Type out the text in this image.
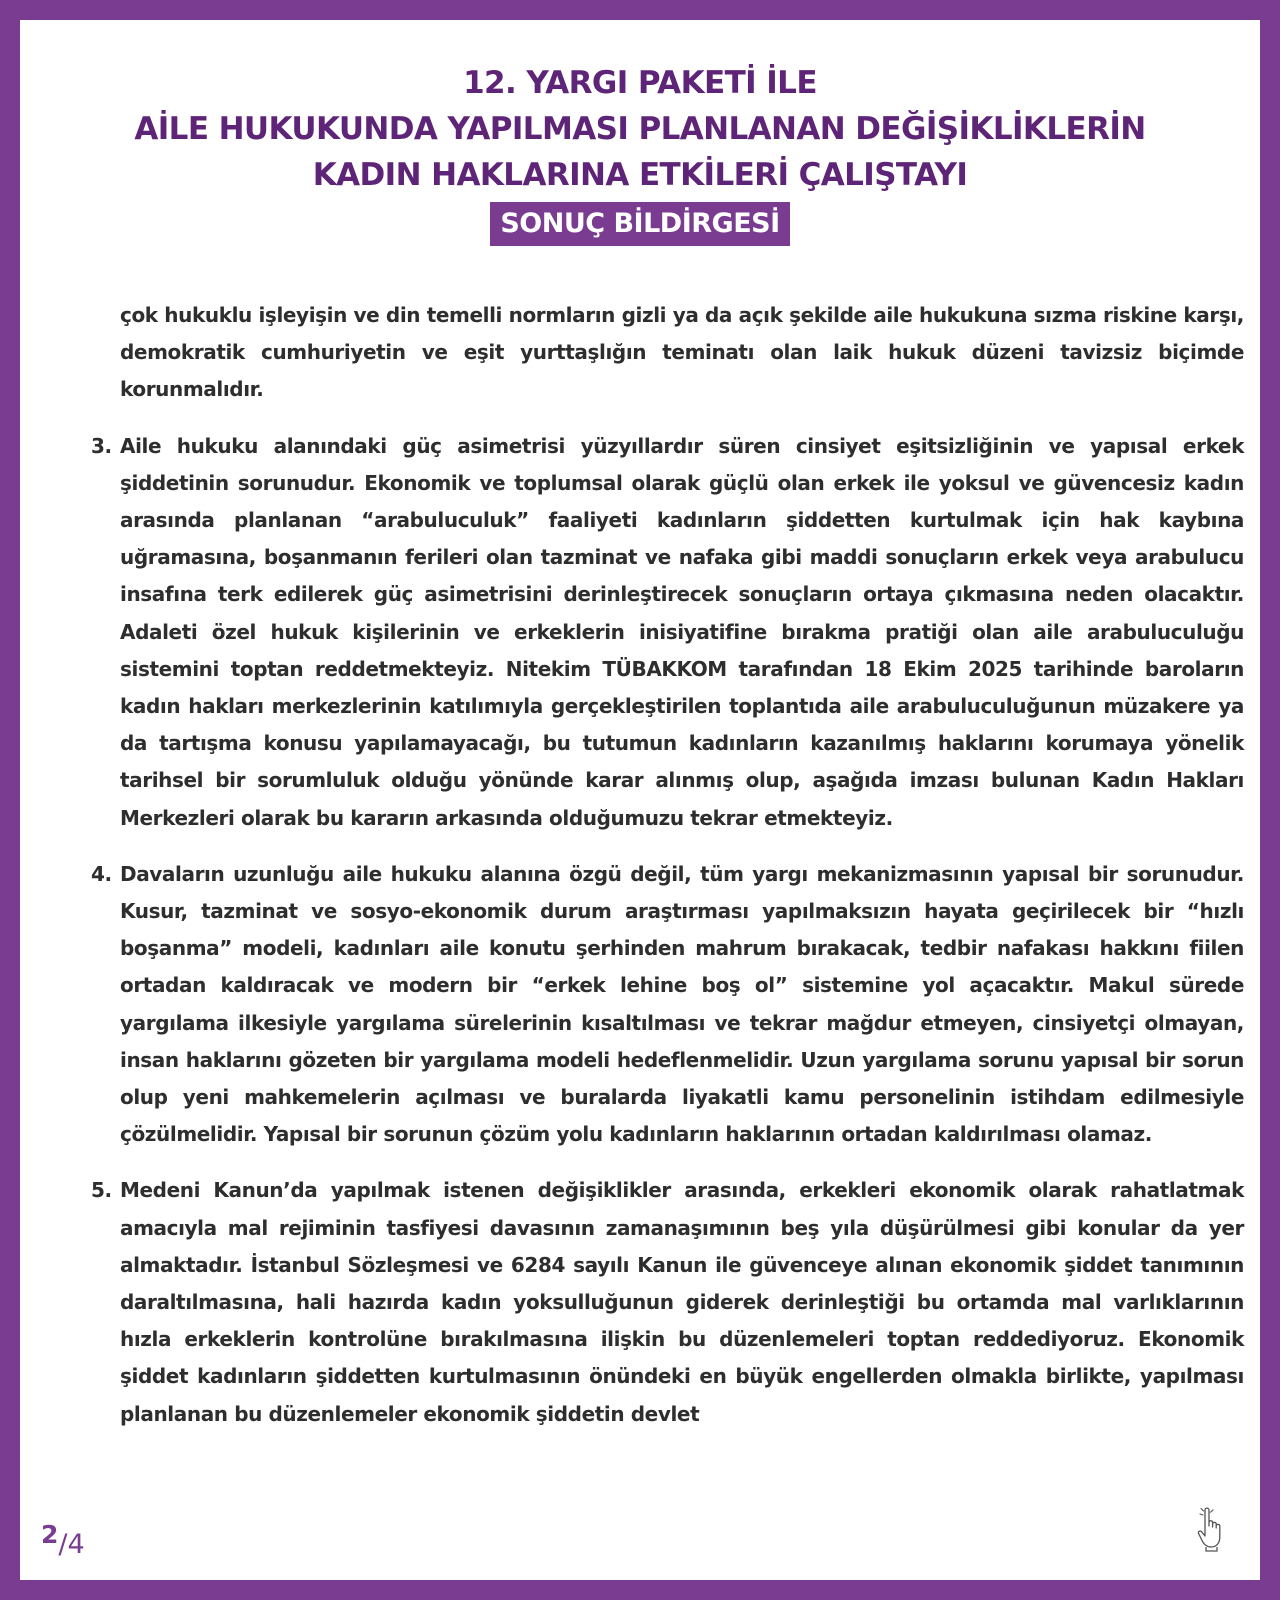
12. YARGI PAKETİ İLE
AİLE HUKUKUNDA YAPILMASI PLANLANAN DEĞİŞİKLİKLERİN
KADIN HAKLARINA ETKİLERİ ÇALIŞTAYI
SONUÇ BİLDİRGESİ

çok hukuklu işleyişin ve din temelli normların gizli ya da açık şekilde aile hukukuna sızma riskine karşı, demokratik cumhuriyetin ve eşit yurttaşlığın teminatı olan laik hukuk düzeni tavizsiz biçimde korunmalıdır.

3. Aile hukuku alanındaki güç asimetrisi yüzyıllardır süren cinsiyet eşitsizliğinin ve yapısal erkek şiddetinin sorunudur. Ekonomik ve toplumsal olarak güçlü olan erkek ile yoksul ve güvencesiz kadın arasında planlanan “arabuluculuk” faaliyeti kadınların şiddetten kurtulmak için hak kaybına uğramasına, boşanmanın ferileri olan tazminat ve nafaka gibi maddi sonuçların erkek veya arabulucu insafına terk edilerek güç asimetrisini derinleştirecek sonuçların ortaya çıkmasına neden olacaktır. Adaleti özel hukuk kişilerinin ve erkeklerin inisiyatifine bırakma pratiği olan aile arabuluculuğu sistemini toptan reddetmekteyiz. Nitekim TÜBAKKOM tarafından 18 Ekim 2025 tarihinde baroların kadın hakları merkezlerinin katılımıyla gerçekleştirilen toplantıda aile arabuluculuğunun müzakere ya da tartışma konusu yapılamayacağı, bu tutumun kadınların kazanılmış haklarını korumaya yönelik tarihsel bir sorumluluk olduğu yönünde karar alınmış olup, aşağıda imzası bulunan Kadın Hakları Merkezleri olarak bu kararın arkasında olduğumuzu tekrar etmekteyiz.

4. Davaların uzunluğu aile hukuku alanına özgü değil, tüm yargı mekanizmasının yapısal bir sorunudur. Kusur, tazminat ve sosyo-ekonomik durum araştırması yapılmaksızın hayata geçirilecek bir “hızlı boşanma” modeli, kadınları aile konutu şerhinden mahrum bırakacak, tedbir nafakası hakkını fiilen ortadan kaldıracak ve modern bir “erkek lehine boş ol” sistemine yol açacaktır. Makul sürede yargılama ilkesiyle yargılama sürelerinin kısaltılması ve tekrar mağdur etmeyen, cinsiyetçi olmayan, insan haklarını gözeten bir yargılama modeli hedeflenmelidir. Uzun yargılama sorunu yapısal bir sorun olup yeni mahkemelerin açılması ve buralarda liyakatli kamu personelinin istihdam edilmesiyle çözülmelidir. Yapısal bir sorunun çözüm yolu kadınların haklarının ortadan kaldırılması olamaz.

5. Medeni Kanun’da yapılmak istenen değişiklikler arasında, erkekleri ekonomik olarak rahatlatmak amacıyla mal rejiminin tasfiyesi davasının zamanaşımının beş yıla düşürülmesi gibi konular da yer almaktadır. İstanbul Sözleşmesi ve 6284 sayılı Kanun ile güvenceye alınan ekonomik şiddet tanımının daraltılmasına, hali hazırda kadın yoksulluğunun giderek derinleştiği bu ortamda mal varlıklarının hızla erkeklerin kontrolüne bırakılmasına ilişkin bu düzenlemeleri toptan reddediyoruz. Ekonomik şiddet kadınların şiddetten kurtulmasının önündeki en büyük engellerden olmakla birlikte, yapılması planlanan bu düzenlemeler ekonomik şiddetin devlet

2/4
